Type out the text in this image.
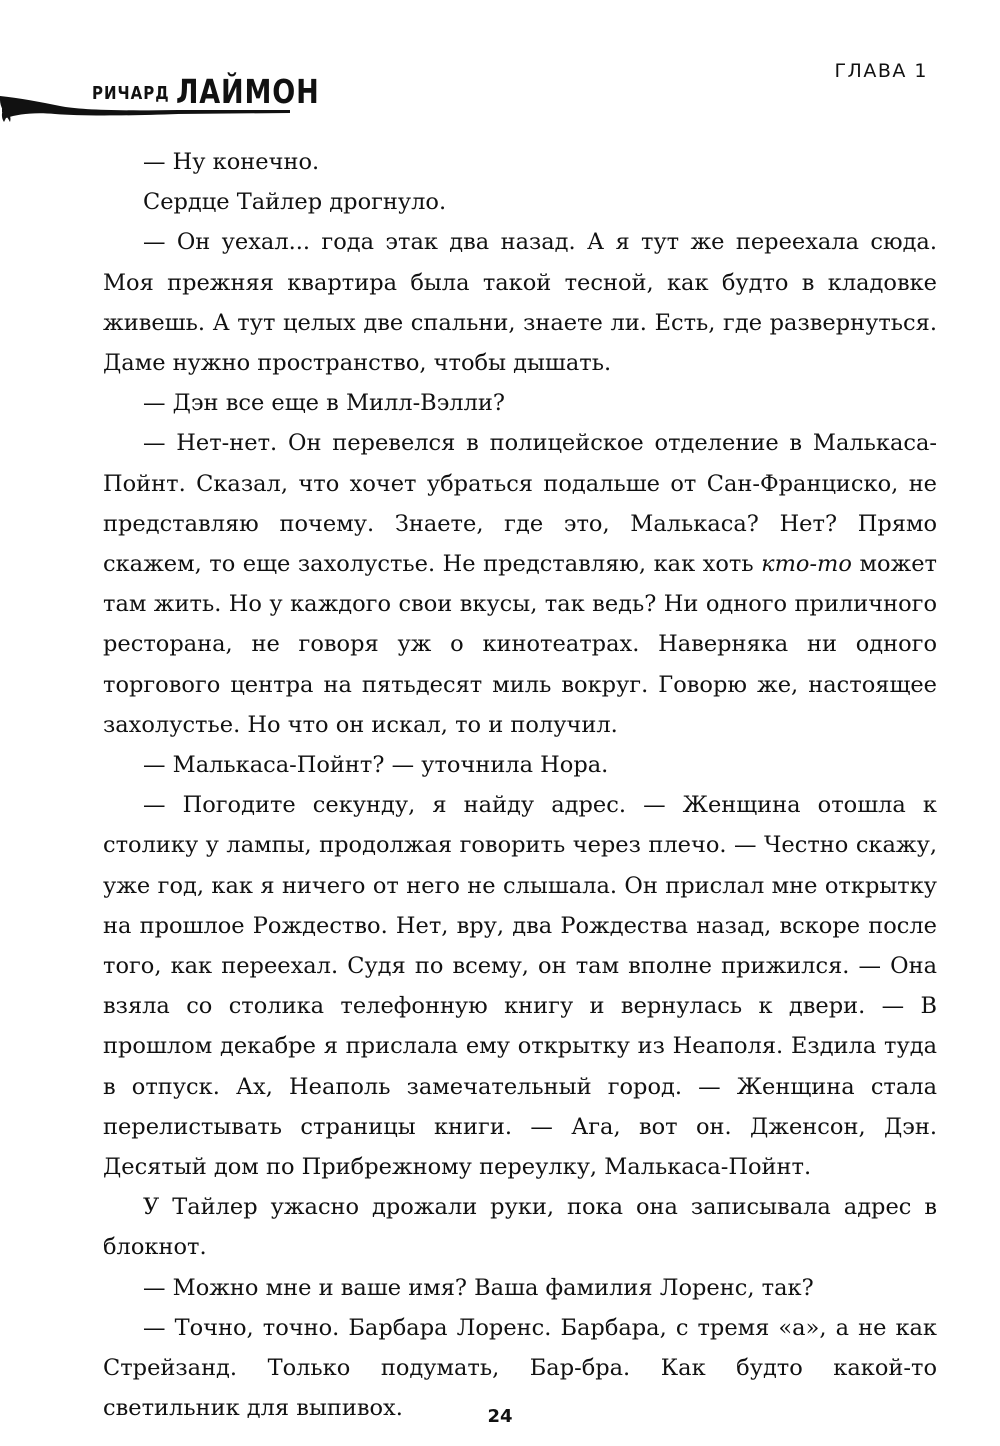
РИЧАРД ЛАЙМОН
ГЛАВА 1

— Ну конечно.

Сердце Тайлер дрогнуло.

— Он уехал... года этак два назад. А я тут же переехала сюда. Моя прежняя квартира была такой тесной, как будто в кладовке живешь. А тут целых две спальни, знаете ли. Есть, где развернуться. Даме нужно пространство, чтобы дышать.

— Дэн все еще в Милл-Вэлли?

— Нет-нет. Он перевелся в полицейское отделение в Малькаса-Пойнт. Сказал, что хочет убраться подальше от Сан-Франциско, не представляю почему. Знаете, где это, Малькаса? Нет? Прямо скажем, то еще захолустье. Не представляю, как хоть кто-то может там жить. Но у каждого свои вкусы, так ведь? Ни одного приличного ресторана, не говоря уж о кинотеатрах. Наверняка ни одного торгового центра на пятьдесят миль вокруг. Говорю же, настоящее захолустье. Но что он искал, то и получил.

— Малькаса-Пойнт? — уточнила Нора.

— Погодите секунду, я найду адрес. — Женщина отошла к столику у лампы, продолжая говорить через плечо. — Честно скажу, уже год, как я ничего от него не слышала. Он прислал мне открытку на прошлое Рождество. Нет, вру, два Рождества назад, вскоре после того, как переехал. Судя по всему, он там вполне прижился. — Она взяла со столика телефонную книгу и вернулась к двери. — В прошлом декабре я прислала ему открытку из Неаполя. Ездила туда в отпуск. Ах, Неаполь замечательный город. — Женщина стала перелистывать страницы книги. — Ага, вот он. Дженсон, Дэн. Десятый дом по Прибрежному переулку, Малькаса-Пойнт.

У Тайлер ужасно дрожали руки, пока она записывала адрес в блокнот.

— Можно мне и ваше имя? Ваша фамилия Лоренс, так?

— Точно, точно. Барбара Лоренс. Барбара, с тремя «а», а не как Стрейзанд. Только подумать, Бар-бра. Как будто какой-то светильник для выпивох.	24
